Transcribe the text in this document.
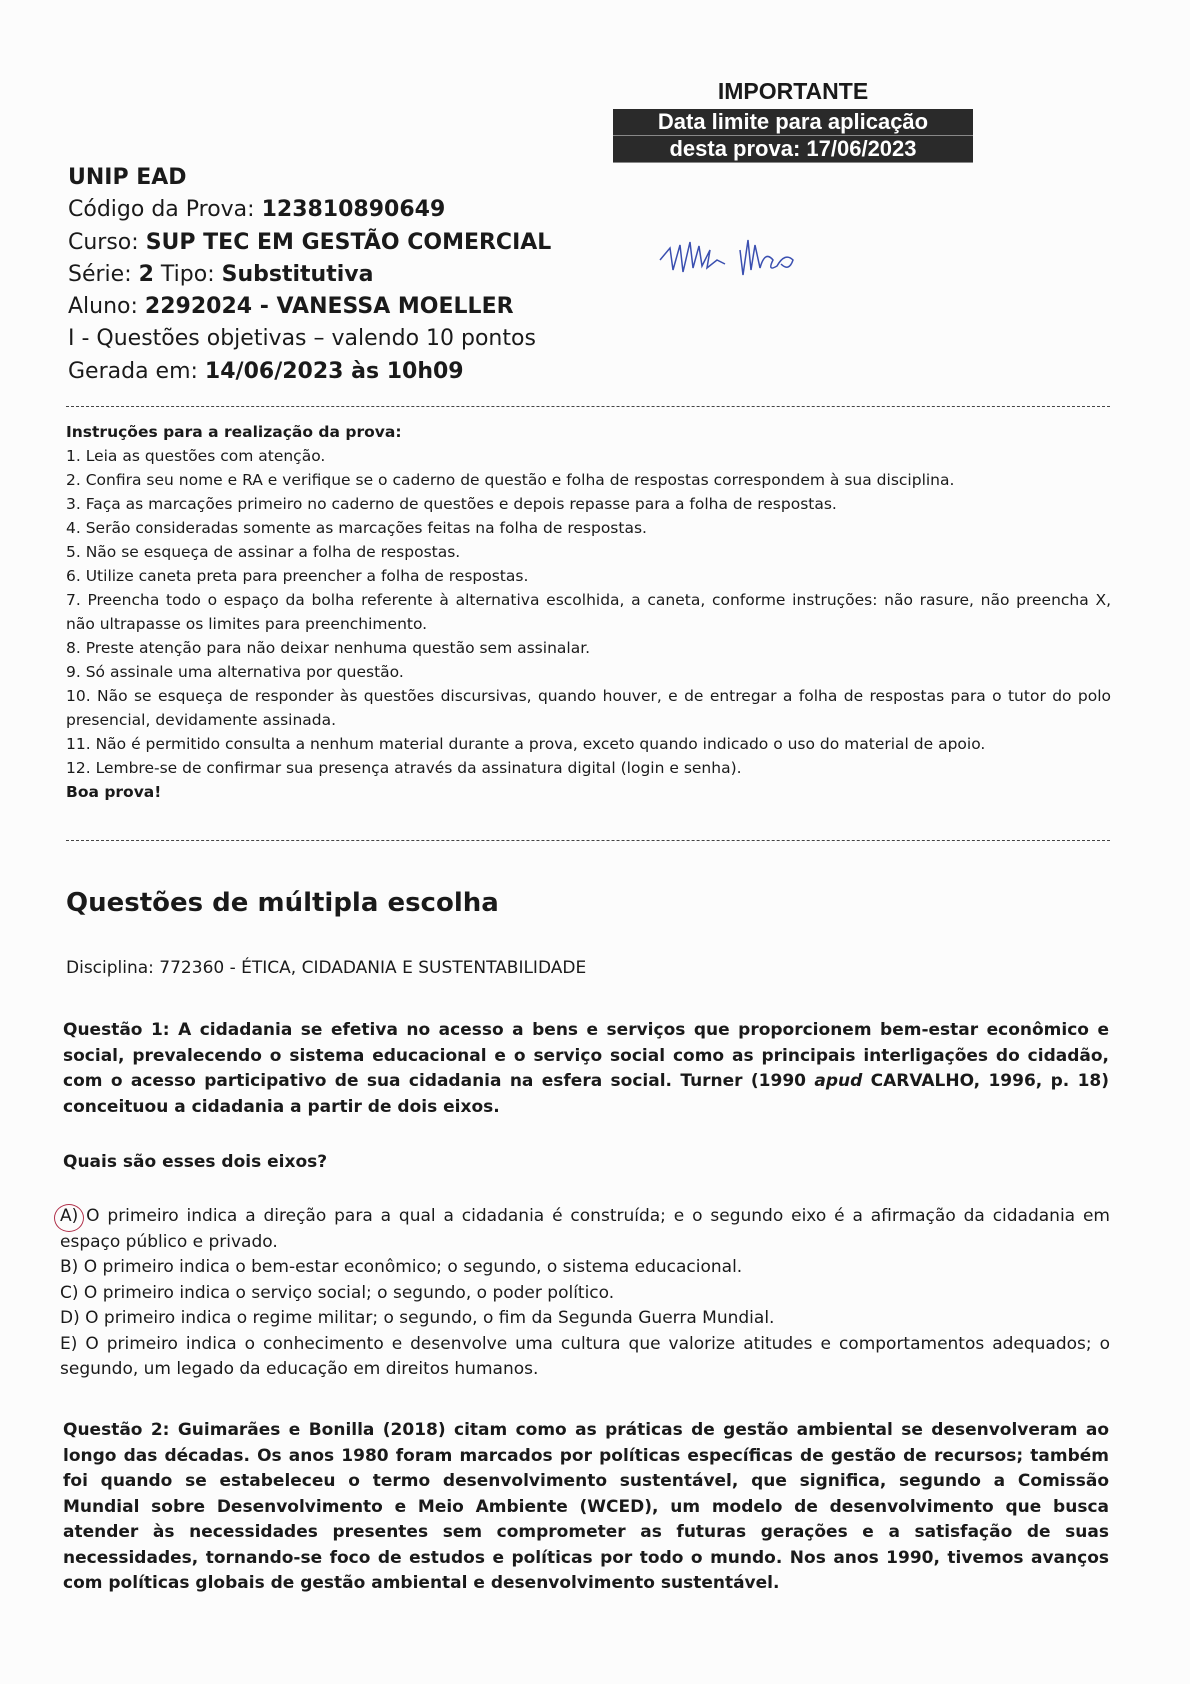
IMPORTANTE
Data limite para aplicação
desta prova: 17/06/2023
UNIP EAD
Código da Prova: 123810890649
Curso: SUP TEC EM GESTÃO COMERCIAL
Série: 2 Tipo: Substitutiva
Aluno: 2292024 - VANESSA MOELLER
I - Questões objetivas – valendo 10 pontos
Gerada em: 14/06/2023 às 10h09
Instruções para a realização da prova:
1. Leia as questões com atenção.
2. Confira seu nome e RA e verifique se o caderno de questão e folha de respostas correspondem à sua disciplina.
3. Faça as marcações primeiro no caderno de questões e depois repasse para a folha de respostas.
4. Serão consideradas somente as marcações feitas na folha de respostas.
5. Não se esqueça de assinar a folha de respostas.
6. Utilize caneta preta para preencher a folha de respostas.
7. Preencha todo o espaço da bolha referente à alternativa escolhida, a caneta, conforme instruções: não rasure, não preencha X, não ultrapasse os limites para preenchimento.
8. Preste atenção para não deixar nenhuma questão sem assinalar.
9. Só assinale uma alternativa por questão.
10. Não se esqueça de responder às questões discursivas, quando houver, e de entregar a folha de respostas para o tutor do polo presencial, devidamente assinada.
11. Não é permitido consulta a nenhum material durante a prova, exceto quando indicado o uso do material de apoio.
12. Lembre-se de confirmar sua presença através da assinatura digital (login e senha).
Boa prova!
Questões de múltipla escolha
Disciplina: 772360 - ÉTICA, CIDADANIA E SUSTENTABILIDADE
Questão 1: A cidadania se efetiva no acesso a bens e serviços que proporcionem bem-estar econômico e social, prevalecendo o sistema educacional e o serviço social como as principais interligações do cidadão, com o acesso participativo de sua cidadania na esfera social. Turner (1990 apud CARVALHO, 1996, p. 18) conceituou a cidadania a partir de dois eixos.
Quais são esses dois eixos?
A) O primeiro indica a direção para a qual a cidadania é construída; e o segundo eixo é a afirmação da cidadania em espaço público e privado.
B) O primeiro indica o bem-estar econômico; o segundo, o sistema educacional.
C) O primeiro indica o serviço social; o segundo, o poder político.
D) O primeiro indica o regime militar; o segundo, o fim da Segunda Guerra Mundial.
E) O primeiro indica o conhecimento e desenvolve uma cultura que valorize atitudes e comportamentos adequados; o segundo, um legado da educação em direitos humanos.
Questão 2: Guimarães e Bonilla (2018) citam como as práticas de gestão ambiental se desenvolveram ao longo das décadas. Os anos 1980 foram marcados por políticas específicas de gestão de recursos; também foi quando se estabeleceu o termo desenvolvimento sustentável, que significa, segundo a Comissão Mundial sobre Desenvolvimento e Meio Ambiente (WCED), um modelo de desenvolvimento que busca atender às necessidades presentes sem comprometer as futuras gerações e a satisfação de suas necessidades, tornando-se foco de estudos e políticas por todo o mundo. Nos anos 1990, tivemos avanços com políticas globais de gestão ambiental e desenvolvimento sustentável.
